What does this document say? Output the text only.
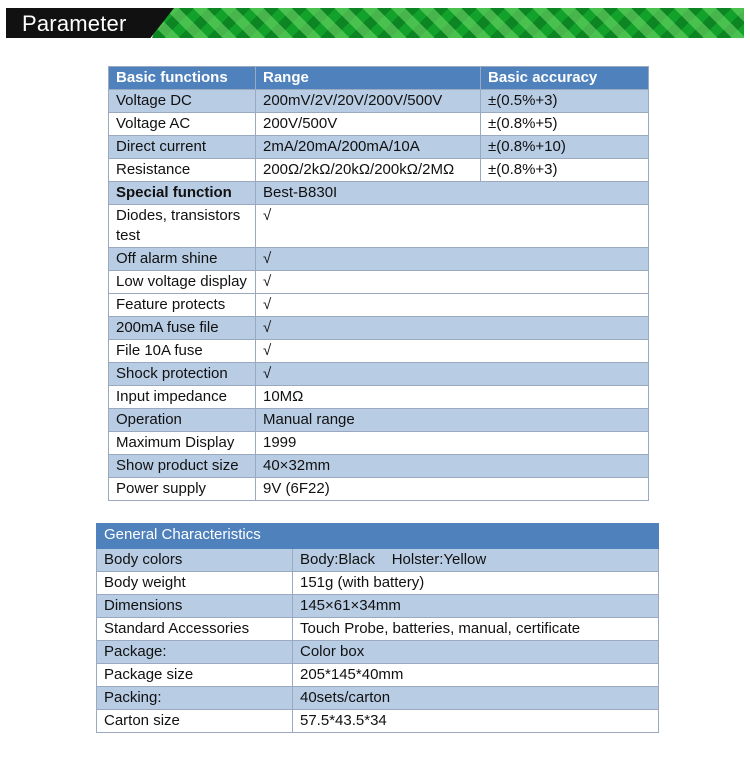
Parameter
Basic functions	Range	Basic accuracy
Voltage DC	200mV/2V/20V/200V/500V	±(0.5%+3)
Voltage AC	200V/500V	±(0.8%+5)
Direct current	2mA/20mA/200mA/10A	±(0.8%+10)
Resistance	200Ω/2kΩ/20kΩ/200kΩ/2MΩ	±(0.8%+3)
Special function	Best-B830I	
Diodes, transistors test	√	
Off alarm shine	√	
Low voltage display	√	
Feature protects	√	
200mA fuse file	√	
File 10A fuse	√	
Shock protection	√	
Input impedance	10MΩ	
Operation	Manual range	
Maximum Display	1999	
Show product size	40×32mm	
Power supply	9V (6F22)	
General Characteristics	
Body colors	Body:Black    Holster:Yellow
Body weight	151g (with battery)
Dimensions	145×61×34mm
Standard Accessories	Touch Probe, batteries, manual, certificate
Package:	Color box
Package size	205*145*40mm
Packing:	40sets/carton
Carton size	57.5*43.5*34
